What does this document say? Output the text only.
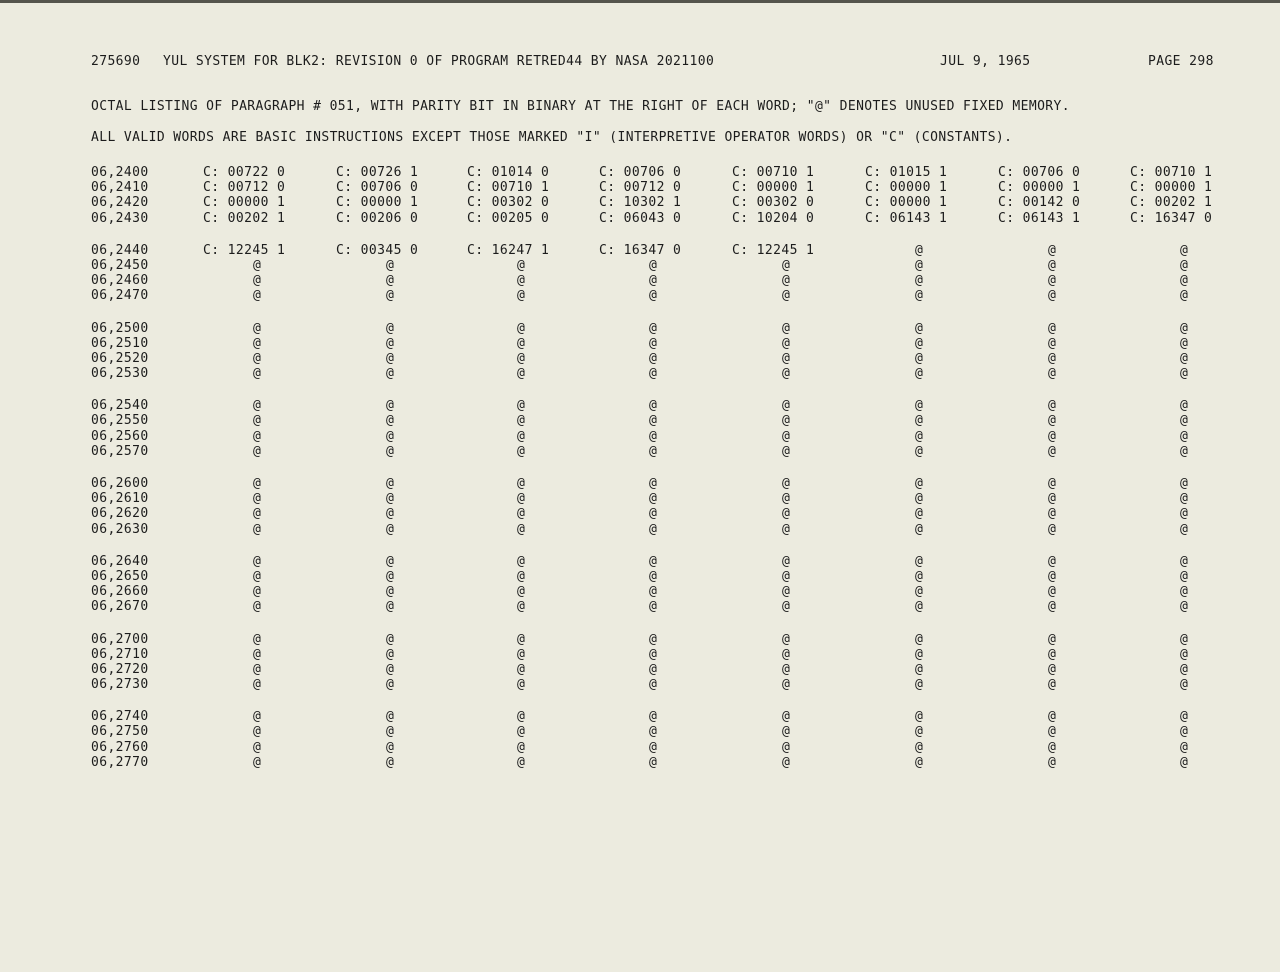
275690 YUL SYSTEM FOR BLK2: REVISION 0 OF PROGRAM RETRED44 BY NASA 2021100	JUL 9, 1965	PAGE 298
OCTAL LISTING OF PARAGRAPH # 051, WITH PARITY BIT IN BINARY AT THE RIGHT OF EACH WORD; "@" DENOTES UNUSED FIXED MEMORY.
ALL VALID WORDS ARE BASIC INSTRUCTIONS EXCEPT THOSE MARKED "I" (INTERPRETIVE OPERATOR WORDS) OR "C" (CONSTANTS).
06,2400	C: 00722 0	C: 00726 1	C: 01014 0	C: 00706 0	C: 00710 1	C: 01015 1	C: 00706 0	C: 00710 1
06,2410	C: 00712 0	C: 00706 0	C: 00710 1	C: 00712 0	C: 00000 1	C: 00000 1	C: 00000 1	C: 00000 1
06,2420	C: 00000 1	C: 00000 1	C: 00302 0	C: 10302 1	C: 00302 0	C: 00000 1	C: 00142 0	C: 00202 1
06,2430	C: 00202 1	C: 00206 0	C: 00205 0	C: 06043 0	C: 10204 0	C: 06143 1	C: 06143 1	C: 16347 0
06,2440	C: 12245 1	C: 00345 0	C: 16247 1	C: 16347 0	C: 12245 1	@	@	@
06,2450	@	@	@	@	@	@	@	@
06,2460	@	@	@	@	@	@	@	@
06,2470	@	@	@	@	@	@	@	@
06,2500	@	@	@	@	@	@	@	@
06,2510	@	@	@	@	@	@	@	@
06,2520	@	@	@	@	@	@	@	@
06,2530	@	@	@	@	@	@	@	@
06,2540	@	@	@	@	@	@	@	@
06,2550	@	@	@	@	@	@	@	@
06,2560	@	@	@	@	@	@	@	@
06,2570	@	@	@	@	@	@	@	@
06,2600	@	@	@	@	@	@	@	@
06,2610	@	@	@	@	@	@	@	@
06,2620	@	@	@	@	@	@	@	@
06,2630	@	@	@	@	@	@	@	@
06,2640	@	@	@	@	@	@	@	@
06,2650	@	@	@	@	@	@	@	@
06,2660	@	@	@	@	@	@	@	@
06,2670	@	@	@	@	@	@	@	@
06,2700	@	@	@	@	@	@	@	@
06,2710	@	@	@	@	@	@	@	@
06,2720	@	@	@	@	@	@	@	@
06,2730	@	@	@	@	@	@	@	@
06,2740	@	@	@	@	@	@	@	@
06,2750	@	@	@	@	@	@	@	@
06,2760	@	@	@	@	@	@	@	@
06,2770	@	@	@	@	@	@	@	@
